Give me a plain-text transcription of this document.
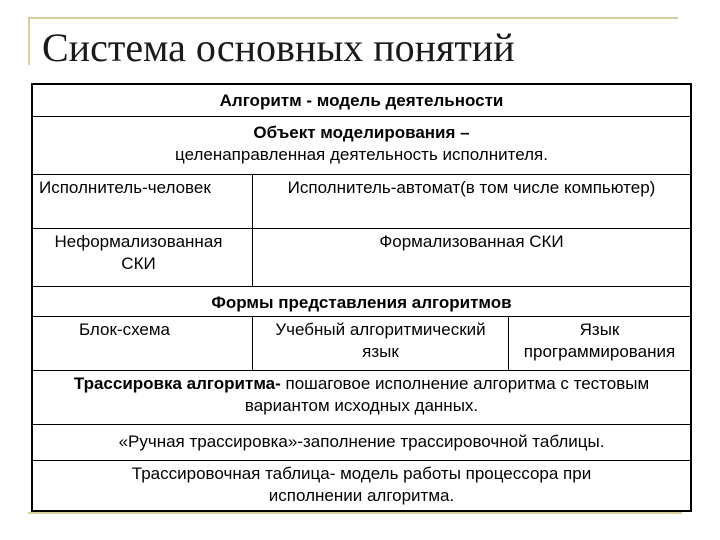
Система основных понятий
Алгоритм - модель деятельности
Объект моделирования –
целенаправленная деятельность исполнителя.
Исполнитель-человек	Исполнитель-автомат(в том числе компьютер)
Неформализованная СКИ
Формализованная СКИ
Формы представления алгоритмов
Блок-схема	Учебный алгоритмический язык
Язык программирования
Трассировка алгоритма- пошаговое исполнение алгоритма с тестовым вариантом исходных данных.
«Ручная трассировка»-заполнение трассировочной таблицы.
Трассировочная таблица- модель работы процессора при исполнении алгоритма.
